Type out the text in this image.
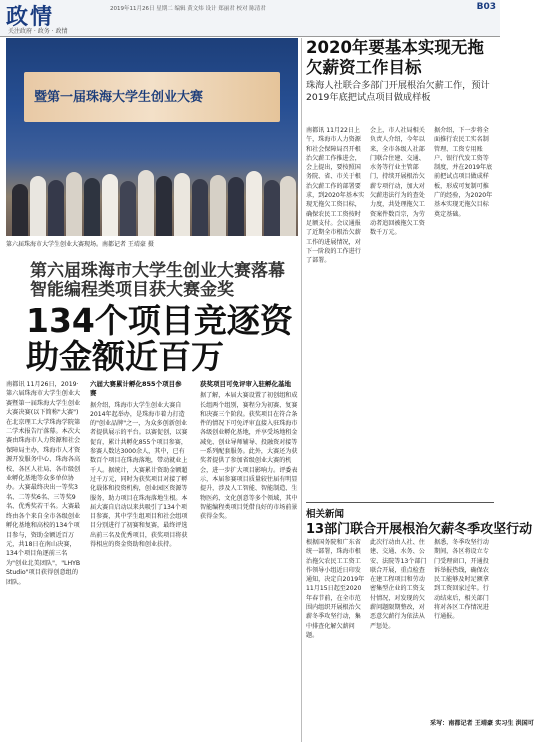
政情
关注政府 · 政务 · 政情
2019年11月26日 星期二 编辑 黄文炜 设计 郑丽君 校对 陈清君	B03
暨第一届珠海大学生创业大赛
第六届珠海市大学生创业大赛现场。南都记者 王靖豪 摄
第六届珠海市大学生创业大赛落幕 智能编程类项目获大赛金奖
134个项目竞逐资助金额近百万
南都讯 11月26日，2019·第六届珠海市大学生创业大赛暨第一届珠海大学生创业大赛决赛(以下简称"大赛")在北京理工大学珠海学院第二学术报告厅落幕。本次大赛由珠海市人力资源和社会保障局主办，珠海市人才资源开发服务中心、珠海各高校、各区人社局、各市级创业孵化基地等众多单位协办。大赛最终决出一等奖3名、二等奖6名、三等奖9名、优秀奖若干名。大赛最终由各个来自全市各级创业孵化基地和高校的134个项目参与，资助金额近百万元，共18日在南山决赛，134个项目角逐前三名为"创业北美团队"，"LHYB Studio"项目获得创意组的团队。
六届大赛累计孵化855个项目参赛
据介绍，珠海市大学生创业大赛自2014年起举办，是珠海市着力打造的"创业品牌"之一，为众多创新创业者提供展示的平台。以赛促创，以赛促育，累计共孵化855个项目参赛，参赛人数达3000余人，其中，已有数百个项目在珠海落地，带动就业上千人。据统计，大赛累计资助金额超过千万元，同时为获奖项目对接了孵化载体和投资机构，创业园区资源等服务，助力项目在珠海落地生根。本届大赛自启动以来共吸引了134个项目参赛，其中学生组项目和社会组项目分别进行了初赛和复赛，最终评选出前三名及优秀项目，获奖项目将获得相应的资金资助和创业扶持。
获奖项目可免评审入驻孵化基地
据了解，本届大赛设置了初创组和成长组两个组别，赛程分为初赛、复赛和决赛三个阶段。获奖项目在符合条件的情况下可免评审直接入驻珠海市各级创业孵化基地，并享受场地租金减免、创业导师辅导、投融资对接等一系列配套服务。此外，大赛还为获奖者提供了参加省级创业大赛的机会，进一步扩大项目影响力。评委表示，本届参赛项目质量较往届有明显提升，涉及人工智能、智能制造、生物医药、文化创意等多个领域，其中智能编程类项目凭借良好的市场前景获得金奖。
2020年要基本实现无拖欠薪资工作目标
珠海人社联合多部门开展根治欠薪工作，预计2019年底把试点项目做成样板
南都讯 11月22日上午，珠海市人力资源和社会保障局召开根治欠薪工作推进会，会上提出，要按照国务院、省、市关于根治欠薪工作的部署要求，到2020年基本实现无拖欠工资目标，确保农民工工资按时足额支付。会议通报了近期全市根治欠薪工作的进展情况，对下一阶段的工作进行了部署。
会上，市人社局相关负责人介绍，今年以来，全市各级人社部门联合住建、交通、水务等行业主管部门，持续开展根治欠薪专项行动，加大对欠薪违法行为的查处力度，共处理拖欠工资案件数百宗，为劳动者追回被拖欠工资数千万元。
据介绍，下一步将全面推行农民工实名制管理、工资专用账户、银行代发工资等制度，并在2019年底前把试点项目做成样板，形成可复制可推广的经验，为2020年基本实现无拖欠目标奠定基础。
相关新闻
13部门联合开展根治欠薪冬季攻坚行动
根据国务院和广东省统一部署，珠海市根治拖欠农民工工资工作领导小组近日印发通知，决定自2019年11月15日起至2020年春节前，在全市范围内组织开展根治欠薪冬季攻坚行动，集中排查化解欠薪问题。
此次行动由人社、住建、交通、水务、公安、法院等13个部门联合开展，重点检查在建工程项目和劳动密集型企业的工资支付情况，对发现的欠薪问题限期整改，对恶意欠薪行为依法从严惩处。
据悉，冬季攻坚行动期间，各区将设立专门受理窗口，开通投诉举报热线，确保农民工能够及时足额拿到工资回家过年。行动结束后，相关部门将对各区工作情况进行通报。
采写：南都记者 王靖豪 实习生 洪国可
